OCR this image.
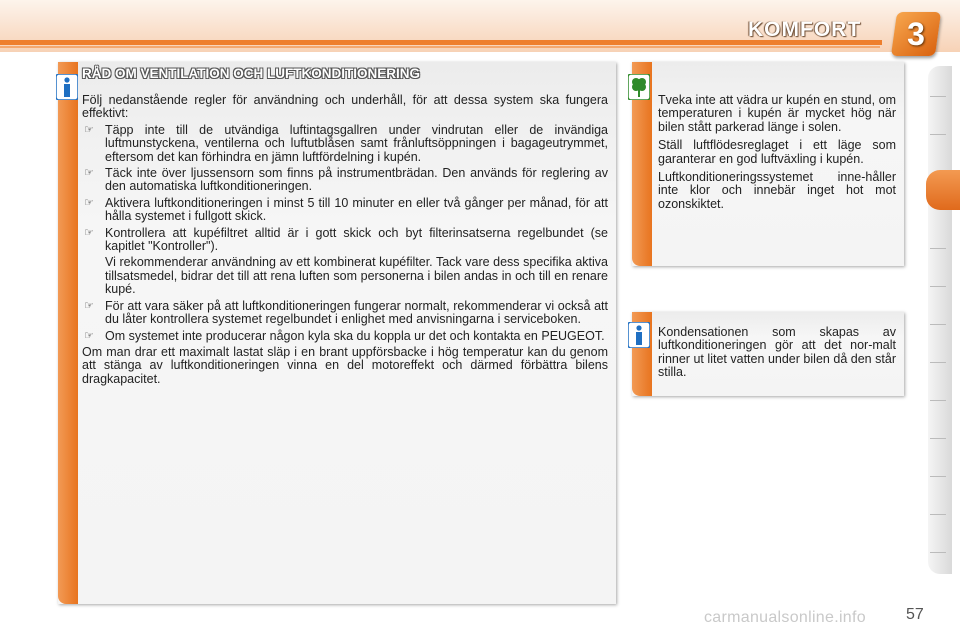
KOMFORT	3
RÅD OM VENTILATION OCH LUFTKONDITIONERING

Följ nedanstående regler för användning och underhåll, för att dessa system ska fungera effektivt:

☞ Täpp inte till de utvändiga luftintagsgallren under vindrutan eller de invändiga luftmunstyckena, ventilerna och luftutblåsen samt frånluftsöppningen i bagageutrymmet, eftersom det kan förhindra en jämn luftfördelning i kupén.

☞ Täck inte över ljussensorn som finns på instrumentbrädan. Den används för reglering av den automatiska luftkonditioneringen.

☞ Aktivera luftkonditioneringen i minst 5 till 10 minuter en eller två gånger per månad, för att hålla systemet i fullgott skick.

☞ Kontrollera att kupéfiltret alltid är i gott skick och byt filterinsatserna regelbundet (se kapitlet "Kontroller").

Vi rekommenderar användning av ett kombinerat kupéfilter. Tack vare dess specifika aktiva tillsatsmedel, bidrar det till att rena luften som personerna i bilen andas in och till en renare kupé.

☞ För att vara säker på att luftkonditioneringen fungerar normalt, rekommenderar vi också att du låter kontrollera systemet regelbundet i enlighet med anvisningarna i serviceboken.

☞ Om systemet inte producerar någon kyla ska du koppla ur det och kontakta en PEUGEOT.

Om man drar ett maximalt lastat släp i en brant uppförsbacke i hög temperatur kan du genom att stänga av luftkonditioneringen vinna en del motoreffekt och därmed förbättra bilens dragkapacitet.

Tveka inte att vädra ur kupén en stund, om temperaturen i kupén är mycket hög när bilen stått parkerad länge i solen.

Ställ luftflödesreglaget i ett läge som garanterar en god luftväxling i kupén.

Luftkonditioneringssystemet inne-håller inte klor och innebär inget hot mot ozonskiktet.

Kondensationen som skapas av luftkonditioneringen gör att det nor-malt rinner ut litet vatten under bilen då den står stilla.
carmanualsonline.info	57
